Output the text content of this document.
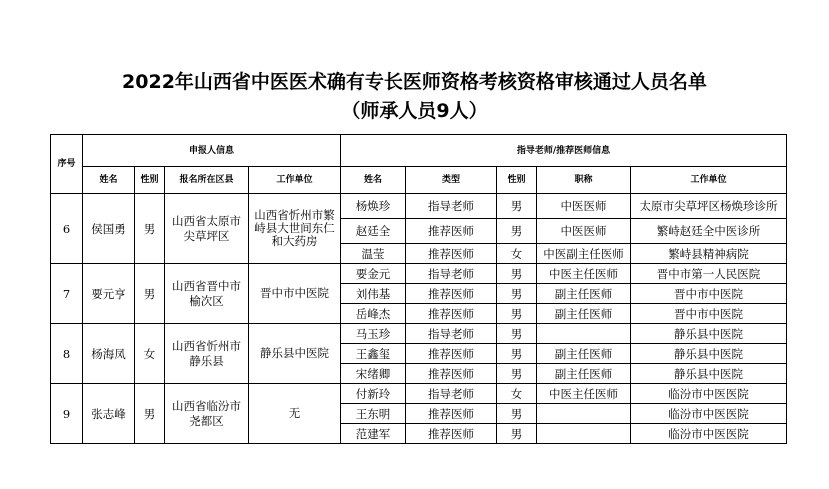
2022年山西省中医医术确有专长医师资格考核资格审核通过人员名单
（师承人员9人）
序号	申报人信息				指导老师/推荐医师信息				
	姓名	性别	报名所在区县	工作单位	姓名	类型	性别	职称	工作单位
6	侯国勇	男	山西省太原市尖草坪区	山西省忻州市繁峙县大世间东仁和大药房	杨焕珍	指导老师	男	中医医师	太原市尖草坪区杨焕珍诊所
					赵廷全	推荐医师	男	中医医师	繁峙赵廷全中医诊所
					温莹	推荐医师	女	中医副主任医师	繁峙县精神病院
7	要元亨	男	山西省晋中市榆次区	晋中市中医院	要金元	指导老师	男	中医主任医师	晋中市第一人民医院
					刘伟基	推荐医师	男	副主任医师	晋中市中医院
					岳峰杰	推荐医师	男	副主任医师	晋中市中医院
8	杨海凤	女	山西省忻州市静乐县	静乐县中医院	马玉珍	指导老师	男		静乐县中医院
					王鑫玺	推荐医师	男	副主任医师	静乐县中医院
					宋绪卿	推荐医师	男	副主任医师	静乐县中医院
9	张志峰	男	山西省临汾市尧都区	无	付新玲	指导老师	女	中医主任医师	临汾市中医医院
					王东明	推荐医师	男		临汾市中医医院
					范建军	推荐医师	男		临汾市中医医院
